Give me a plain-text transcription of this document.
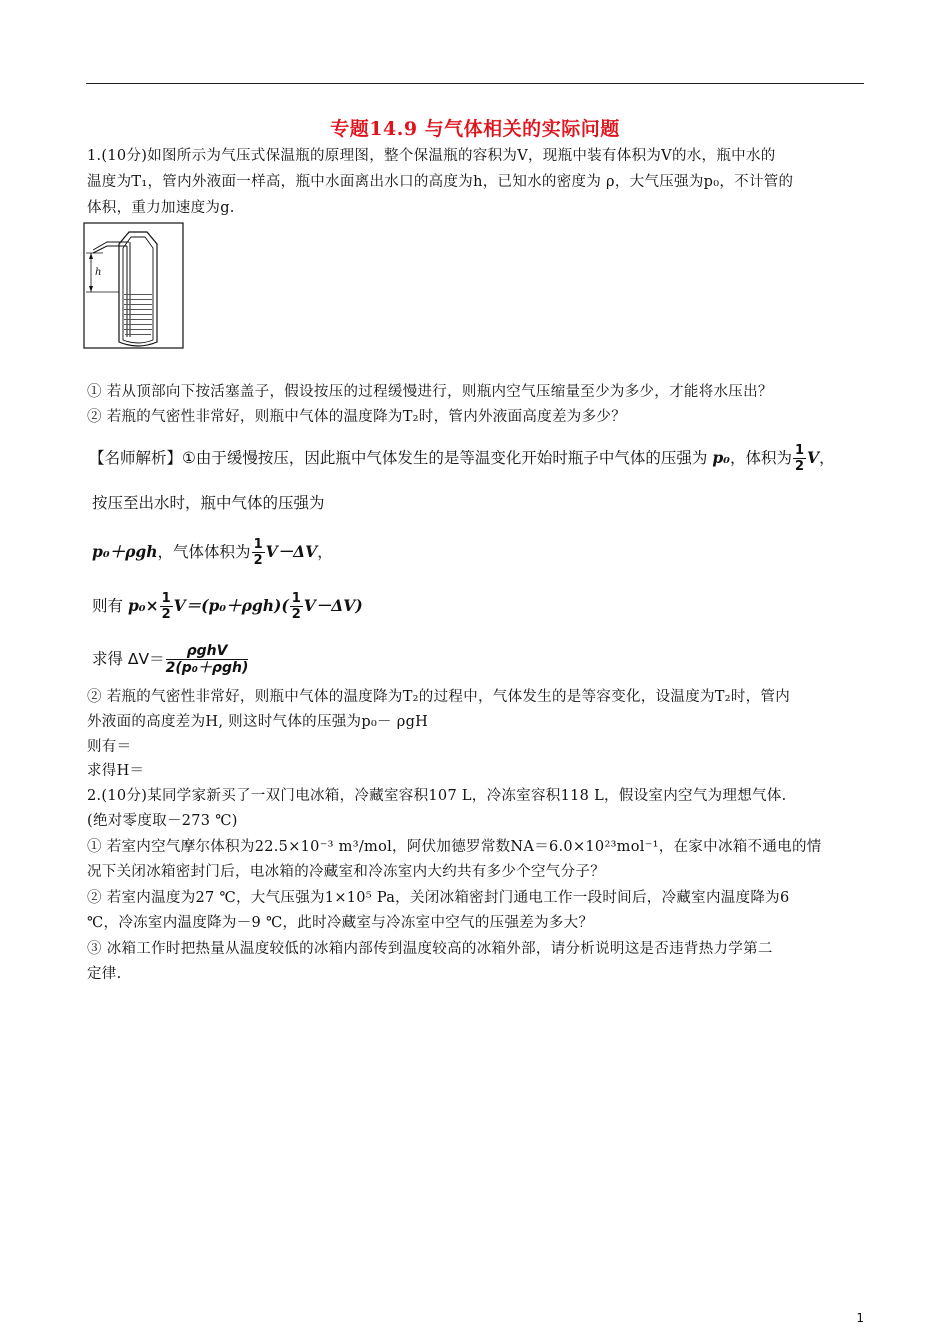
专题14.9 与气体相关的实际问题
1.(10分)如图所示为气压式保温瓶的原理图，整个保温瓶的容积为V，现瓶中装有体积为V的水，瓶中水的
温度为T₁，管内外液面一样高，瓶中水面离出水口的高度为h，已知水的密度为 ρ，大气压强为p₀，不计管的
体积，重力加速度为g.
h
① 若从顶部向下按活塞盖子，假设按压的过程缓慢进行，则瓶内空气压缩量至少为多少，才能将水压出？
② 若瓶的气密性非常好，则瓶中气体的温度降为T₂时，管内外液面高度差为多少？
【名师解析】①由于缓慢按压，因此瓶中气体发生的是等温变化开始时瓶子中气体的压强为 p₀，体积为 $\frac{1}{2}$ V，
按压至出水时，瓶中气体的压强为
p₀＋ρgh，气体体积为 $\frac{1}{2} V-\Delta V$，
则有 $p_0\times \frac{1}{2} V=(p_0+\rho gh)( \frac{1}{2} V-\Delta V)$
求得 $\Delta V= \frac{\text{ρghV}}{\text{2(p₀＋ρgh)}}$
② 若瓶的气密性非常好，则瓶中气体的温度降为T₂的过程中，气体发生的是等容变化，设温度为T₂时，管内
外液面的高度差为H, 则这时气体的压强为p₀－ ρgH
则有＝
求得H＝
2.(10分)某同学家新买了一双门电冰箱，冷藏室容积107 L，冷冻室容积118 L，假设室内空气为理想气体.
(绝对零度取－273 ℃)
① 若室内空气摩尔体积为22.5×10⁻³ m³/mol，阿伏加德罗常数NA＝6.0×10²³mol⁻¹，在家中冰箱不通电的情
况下关闭冰箱密封门后，电冰箱的冷藏室和冷冻室内大约共有多少个空气分子？
② 若室内温度为27 ℃，大气压强为1×10⁵ Pa，关闭冰箱密封门通电工作一段时间后，冷藏室内温度降为6
℃，冷冻室内温度降为－9 ℃，此时冷藏室与冷冻室中空气的压强差为多大？
③ 冰箱工作时把热量从温度较低的冰箱内部传到温度较高的冰箱外部，请分析说明这是否违背热力学第二
定律.
1
